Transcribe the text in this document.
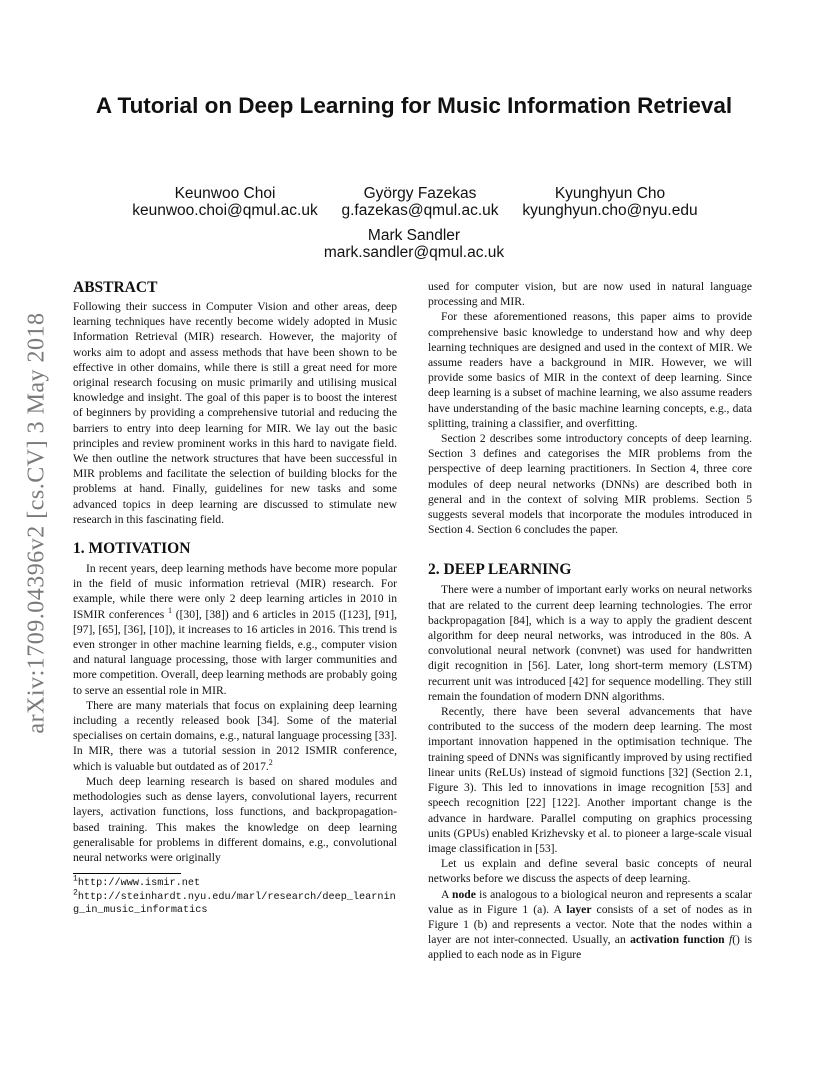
A Tutorial on Deep Learning for Music Information Retrieval
Keunwoo Choi
keunwoo.choi@qmul.ac.uk
György Fazekas
g.fazekas@qmul.ac.uk
Kyunghyun Cho
kyunghyun.cho@nyu.edu
Mark Sandler
mark.sandler@qmul.ac.uk
arXiv:1709.04396v2 [cs.CV] 3 May 2018
ABSTRACT

Following their success in Computer Vision and other areas, deep learning techniques have recently become widely adopted in Music Information Retrieval (MIR) research. However, the majority of works aim to adopt and assess methods that have been shown to be effective in other domains, while there is still a great need for more original research focusing on music primarily and utilising musical knowledge and insight. The goal of this paper is to boost the interest of beginners by providing a comprehensive tutorial and reducing the barriers to entry into deep learning for MIR. We lay out the basic principles and review prominent works in this hard to navigate field. We then outline the network structures that have been successful in MIR problems and facilitate the selection of building blocks for the problems at hand. Finally, guidelines for new tasks and some advanced topics in deep learning are discussed to stimulate new research in this fascinating field.

1. MOTIVATION

In recent years, deep learning methods have become more popular in the field of music information retrieval (MIR) research. For example, while there were only 2 deep learning articles in 2010 in ISMIR conferences $^1$ ([30], [38]) and 6 articles in 2015 ([123], [91], [97], [65], [36], [10]), it increases to 16 articles in 2016. This trend is even stronger in other machine learning fields, e.g., computer vision and natural language processing, those with larger communities and more competition. Overall, deep learning methods are probably going to serve an essential role in MIR.

There are many materials that focus on explaining deep learning including a recently released book [34]. Some of the material specialises on certain domains, e.g., natural language processing [33]. In MIR, there was a tutorial session in 2012 ISMIR conference, which is valuable but outdated as of 2017.$^2$

Much deep learning research is based on shared modules and methodologies such as dense layers, convolutional layers, recurrent layers, activation functions, loss functions, and backpropagation-based training. This makes the knowledge on deep learning generalisable for problems in different domains, e.g., convolutional neural networks were originally

$^1$http://www.ismir.net
$^2$http://steinhardt.nyu.edu/marl/research/deep_learning_in_music_informatics

used for computer vision, but are now used in natural language processing and MIR.

For these aforementioned reasons, this paper aims to provide comprehensive basic knowledge to understand how and why deep learning techniques are designed and used in the context of MIR. We assume readers have a background in MIR. However, we will provide some basics of MIR in the context of deep learning. Since deep learning is a subset of machine learning, we also assume readers have understanding of the basic machine learning concepts, e.g., data splitting, training a classifier, and overfitting.

Section 2 describes some introductory concepts of deep learning. Section 3 defines and categorises the MIR problems from the perspective of deep learning practitioners. In Section 4, three core modules of deep neural networks (DNNs) are described both in general and in the context of solving MIR problems. Section 5 suggests several models that incorporate the modules introduced in Section 4. Section 6 concludes the paper.

2. DEEP LEARNING

There were a number of important early works on neural networks that are related to the current deep learning technologies. The error backpropagation [84], which is a way to apply the gradient descent algorithm for deep neural networks, was introduced in the 80s. A convolutional neural network (convnet) was used for handwritten digit recognition in [56]. Later, long short-term memory (LSTM) recurrent unit was introduced [42] for sequence modelling. They still remain the foundation of modern DNN algorithms.

Recently, there have been several advancements that have contributed to the success of the modern deep learning. The most important innovation happened in the optimisation technique. The training speed of DNNs was significantly improved by using rectified linear units (ReLUs) instead of sigmoid functions [32] (Section 2.1, Figure 3). This led to innovations in image recognition [53] and speech recognition [22] [122]. Another important change is the advance in hardware. Parallel computing on graphics processing units (GPUs) enabled Krizhevsky et al. to pioneer a large-scale visual image classification in [53].

Let us explain and define several basic concepts of neural networks before we discuss the aspects of deep learning.

A node is analogous to a biological neuron and represents a scalar value as in Figure 1 (a). A layer consists of a set of nodes as in Figure 1 (b) and represents a vector. Note that the nodes within a layer are not inter-connected. Usually, an activation function f() is applied to each node as in Figure
